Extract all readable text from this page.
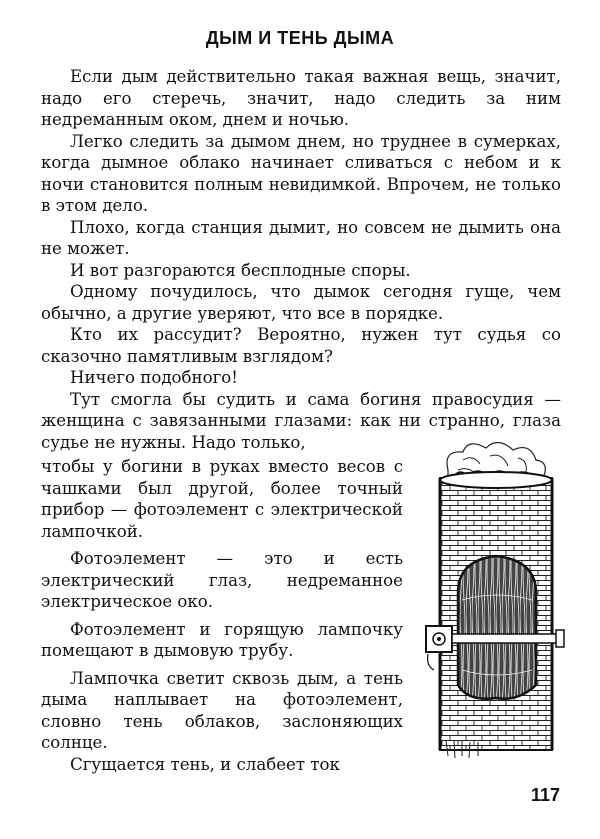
ДЫМ И ТЕНЬ ДЫМА

Если дым действительно такая важная вещь, значит, надо его стеречь, значит, надо следить за ним недреманным оком, днем и ночью.

Легко следить за дымом днем, но труднее в сумерках, когда дымное облако начинает сливаться с небом и к ночи становится полным невидимкой. Впрочем, не только в этом дело.

Плохо, когда станция дымит, но совсем не дымить она не может.

И вот разгораются бесплодные споры.

Одному почудилось, что дымок сегодня гуще, чем обычно, а другие уверяют, что все в порядке.

Кто их рассудит? Вероятно, нужен тут судья со сказочно памятливым взглядом?

Ничего подобного!

Тут смогла бы судить и сама богиня правосудия — женщина с завязанными глазами: как ни странно, глаза судье не нужны. Надо только,

чтобы у богини в руках вместо весов с чашками был другой, более точный прибор — фотоэлемент с электрической лампочкой.

Фотоэлемент — это и есть электрический глаз, недреманное электрическое око.

Фотоэлемент и горящую лампочку помещают в дымовую трубу.

Лампочка светит сквозь дым, а тень дыма наплывает на фотоэлемент, словно тень облаков, заслоняющих солнце.

Сгущается тень, и слабеет ток

117
